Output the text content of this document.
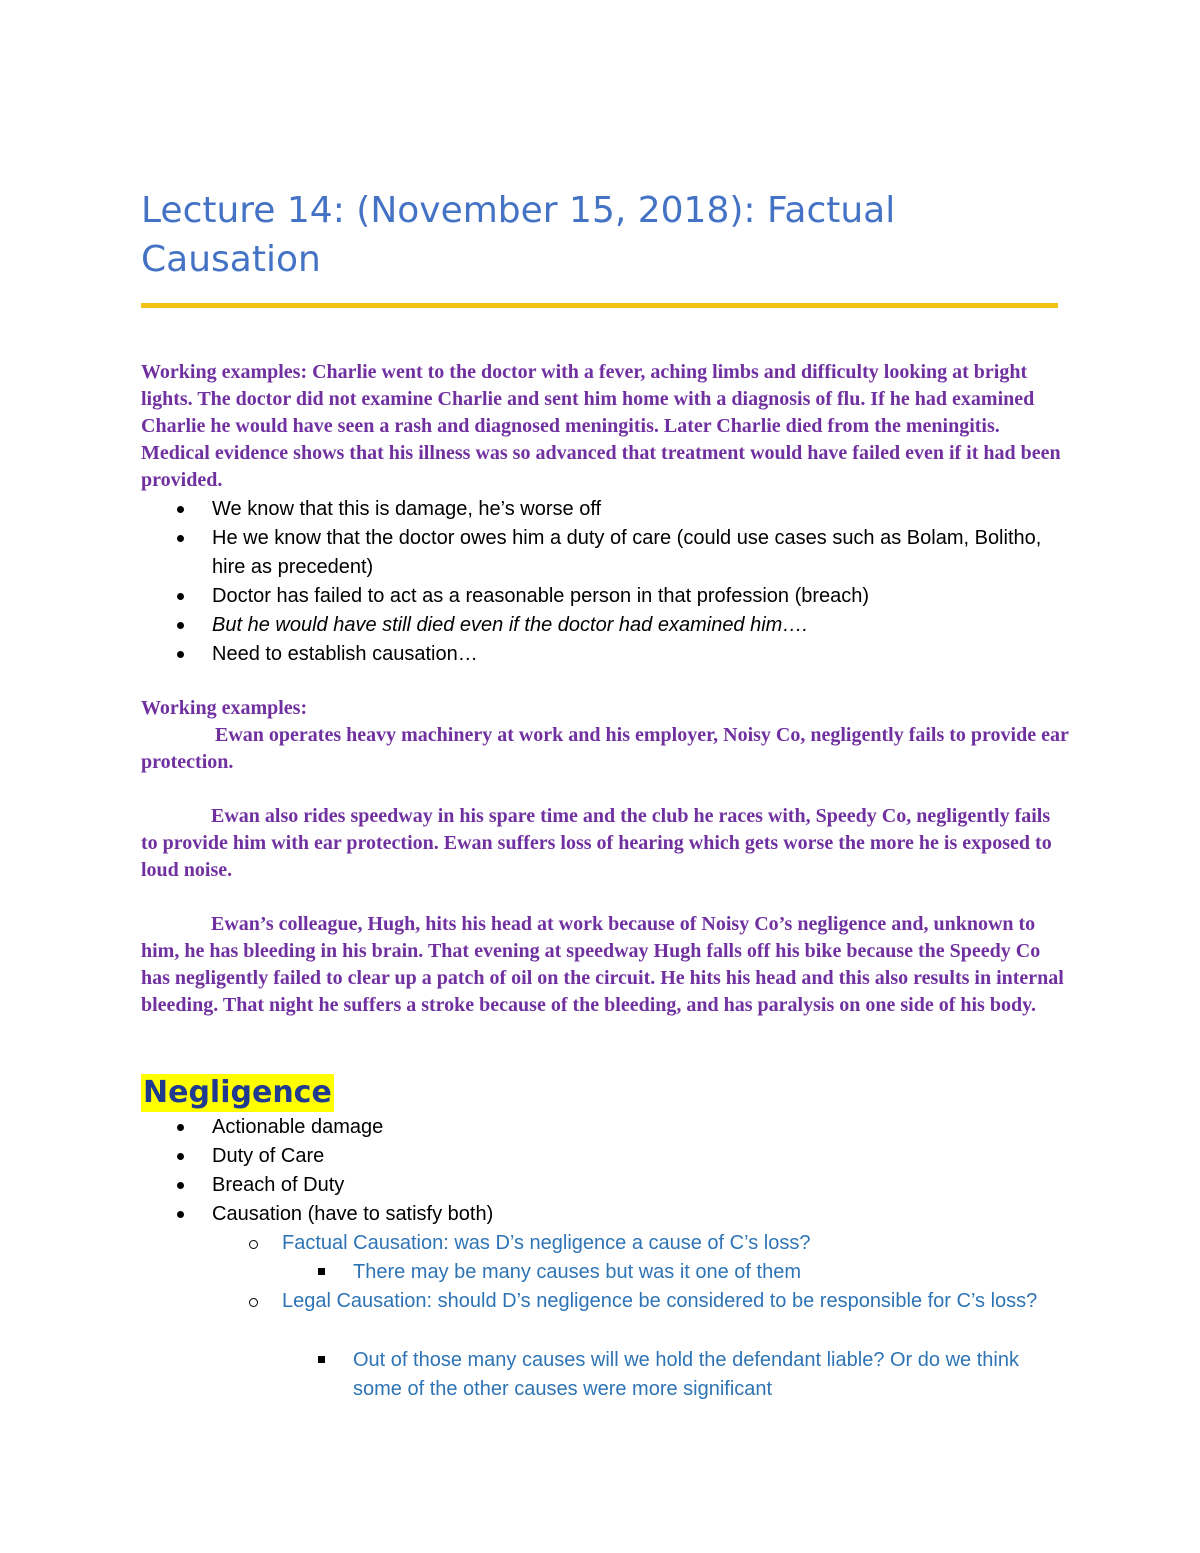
Lecture 14: (November 15, 2018): Factual Causation

Working examples: Charlie went to the doctor with a fever, aching limbs and difficulty looking at bright lights. The doctor did not examine Charlie and sent him home with a diagnosis of flu. If he had examined Charlie he would have seen a rash and diagnosed meningitis. Later Charlie died from the meningitis. Medical evidence shows that his illness was so advanced that treatment would have failed even if it had been provided.

We know that this is damage, he’s worse off
He we know that the doctor owes him a duty of care (could use cases such as Bolam, Bolitho, hire as precedent)
Doctor has failed to act as a reasonable person in that profession (breach)
But he would have still died even if the doctor had examined him….
Need to establish causation…

Working examples:

Ewan operates heavy machinery at work and his employer, Noisy Co, negligently fails to provide ear protection.

Ewan also rides speedway in his spare time and the club he races with, Speedy Co, negligently fails to provide him with ear protection. Ewan suffers loss of hearing which gets worse the more he is exposed to loud noise.

Ewan’s colleague, Hugh, hits his head at work because of Noisy Co’s negligence and, unknown to him, he has bleeding in his brain. That evening at speedway Hugh falls off his bike because the Speedy Co has negligently failed to clear up a patch of oil on the circuit. He hits his head and this also results in internal bleeding. That night he suffers a stroke because of the bleeding, and has paralysis on one side of his body.

Negligence
Actionable damage
Duty of Care
Breach of Duty
Causation (have to satisfy both)
Factual Causation: was D’s negligence a cause of C’s loss?
There may be many causes but was it one of them
Legal Causation: should D’s negligence be considered to be responsible for C’s loss?
Out of those many causes will we hold the defendant liable? Or do we think some of the other causes were more significant
